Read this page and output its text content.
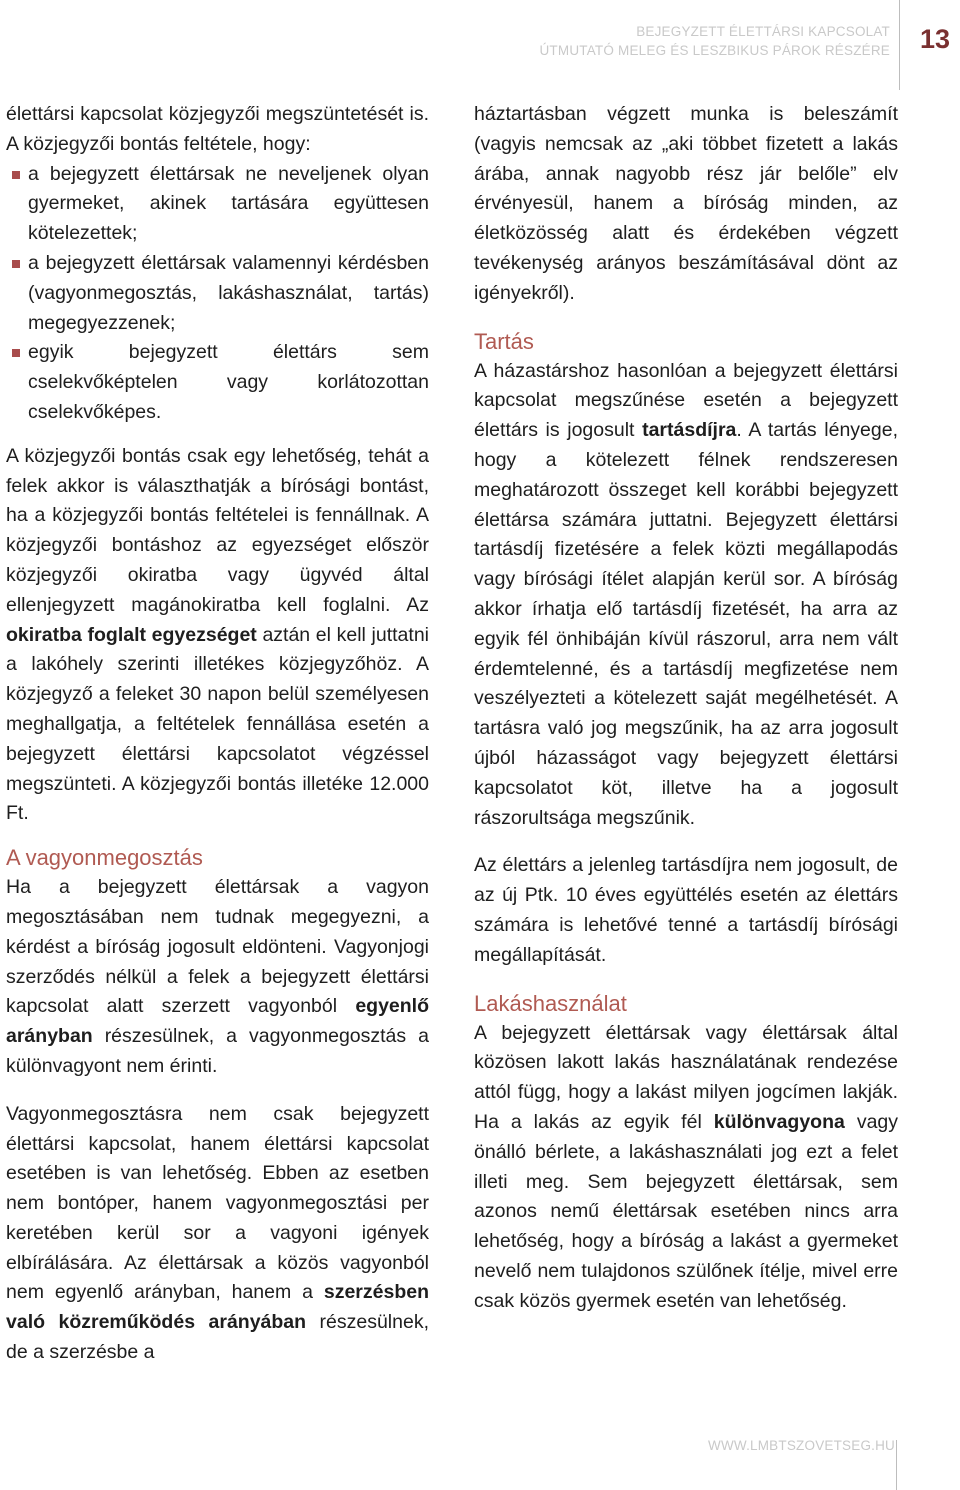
BEJEGYZETT ÉLETTÁRSI KAPCSOLAT
ÚTMUTATÓ MELEG ÉS LESZBIKUS PÁROK RÉSZÉRE 13

élettársi kapcsolat közjegyzői megszüntetését is. A közjegyzői bontás feltétele, hogy:

a bejegyzett élettársak ne neveljenek olyan gyermeket, akinek tartására együttesen kötelezettek;
a bejegyzett élettársak valamennyi kérdésben (vagyonmegosztás, lakáshasználat, tartás) megegyezzenek;
egyik bejegyzett élettárs sem cselekvőképtelen vagy korlátozottan cselekvőképes.

A közjegyzői bontás csak egy lehetőség, tehát a felek akkor is választhatják a bírósági bontást, ha a közjegyzői bontás feltételei is fennállnak. A közjegyzői bontáshoz az egyezséget először közjegyzői okiratba vagy ügyvéd által ellenjegyzett magánokiratba kell foglalni. Az okiratba foglalt egyezséget aztán el kell juttatni a lakóhely szerinti illetékes közjegyzőhöz. A közjegyző a feleket 30 napon belül személyesen meghallgatja, a feltételek fennállása esetén a bejegyzett élettársi kapcsolatot végzéssel megszünteti. A közjegyzői bontás illetéke 12.000 Ft.

A vagyonmegosztás

Ha a bejegyzett élettársak a vagyon megosztásában nem tudnak megegyezni, a kérdést a bíróság jogosult eldönteni. Vagyonjogi szerződés nélkül a felek a bejegyzett élettársi kapcsolat alatt szerzett vagyonból egyenlő arányban részesülnek, a vagyonmegosztás a különvagyont nem érinti.

Vagyonmegosztásra nem csak bejegyzett élettársi kapcsolat, hanem élettársi kapcsolat esetében is van lehetőség. Ebben az esetben nem bontóper, hanem vagyonmegosztási per keretében kerül sor a vagyoni igények elbírálására. Az élettársak a közös vagyonból nem egyenlő arányban, hanem a szerzésben való közreműködés arányában részesülnek, de a szerzésbe a

háztartásban végzett munka is beleszámít (vagyis nemcsak az „aki többet fizetett a lakás árába, annak nagyobb rész jár belőle” elv érvényesül, hanem a bíróság minden, az életközösség alatt és érdekében végzett tevékenység arányos beszámításával dönt az igényekről).

Tartás

A házastárshoz hasonlóan a bejegyzett élettársi kapcsolat megszűnése esetén a bejegyzett élettárs is jogosult tartásdíjra. A tartás lényege, hogy a kötelezett félnek rendszeresen meghatározott összeget kell korábbi bejegyzett élettársa számára juttatni. Bejegyzett élettársi tartásdíj fizetésére a felek közti megállapodás vagy bírósági ítélet alapján kerül sor. A bíróság akkor írhatja elő tartásdíj fizetését, ha arra az egyik fél önhibáján kívül rászorul, arra nem vált érdemtelenné, és a tartásdíj megfizetése nem veszélyezteti a kötelezett saját megélhetését. A tartásra való jog megszűnik, ha az arra jogosult újból házasságot vagy bejegyzett élettársi kapcsolatot köt, illetve ha a jogosult rászorultsága megszűnik.

Az élettárs a jelenleg tartásdíjra nem jogosult, de az új Ptk. 10 éves együttélés esetén az élettárs számára is lehetővé tenné a tartásdíj bírósági megállapítását.

Lakáshasználat

A bejegyzett élettársak vagy élettársak által közösen lakott lakás használatának rendezése attól függ, hogy a lakást milyen jogcímen lakják. Ha a lakás az egyik fél különvagyona vagy önálló bérlete, a lakáshasználati jog ezt a felet illeti meg. Sem bejegyzett élettársak, sem azonos nemű élettársak esetében nincs arra lehetőség, hogy a bíróság a lakást a gyermeket nevelő nem tulajdonos szülőnek ítélje, mivel erre csak közös gyermek esetén van lehetőség.

WWW.LMBTSZOVETSEG.HU
